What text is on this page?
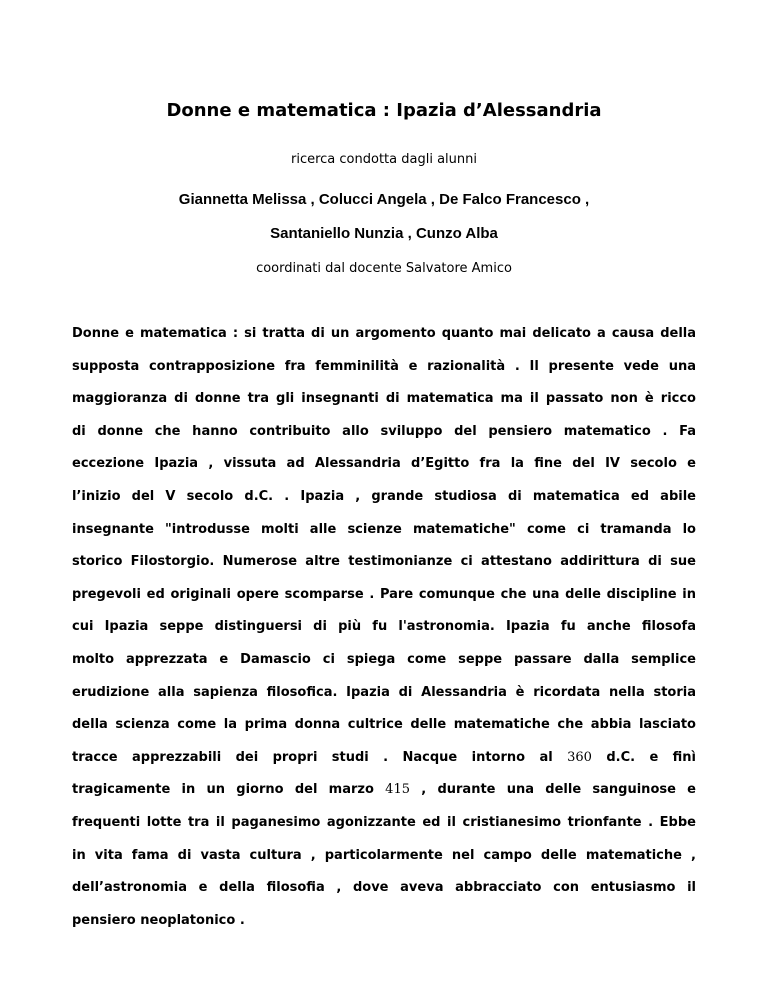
Donne e matematica : Ipazia d’Alessandria
ricerca condotta dagli alunni
Giannetta Melissa , Colucci Angela , De Falco Francesco ,
Santaniello Nunzia , Cunzo Alba
coordinati dal docente Salvatore Amico
Donne e matematica : si tratta di un argomento quanto mai delicato a causa della
supposta contrapposizione fra femminilità e razionalità . Il presente vede una
maggioranza di donne tra gli insegnanti di matematica ma il passato non è ricco
di donne che hanno contribuito allo sviluppo del pensiero matematico . Fa
eccezione Ipazia , vissuta ad Alessandria d’Egitto fra la fine del IV secolo e
l’inizio del V secolo d.C. . Ipazia , grande studiosa di matematica ed abile
insegnante "introdusse molti alle scienze matematiche" come ci tramanda lo
storico Filostorgio. Numerose altre testimonianze ci attestano addirittura di sue
pregevoli ed originali opere scomparse . Pare comunque che una delle discipline in
cui Ipazia seppe distinguersi di più fu l'astronomia. Ipazia fu anche filosofa
molto apprezzata e Damascio ci spiega come seppe passare dalla semplice
erudizione alla sapienza filosofica. Ipazia di Alessandria è ricordata nella storia
della scienza come la prima donna cultrice delle matematiche che abbia lasciato
tracce apprezzabili dei propri studi . Nacque intorno al 360 d.C. e finì
tragicamente in un giorno del marzo 415 , durante una delle sanguinose e
frequenti lotte tra il paganesimo agonizzante ed il cristianesimo trionfante . Ebbe
in vita fama di vasta cultura , particolarmente nel campo delle matematiche ,
dell’astronomia e della filosofia , dove aveva abbracciato con entusiasmo il
pensiero neoplatonico .
